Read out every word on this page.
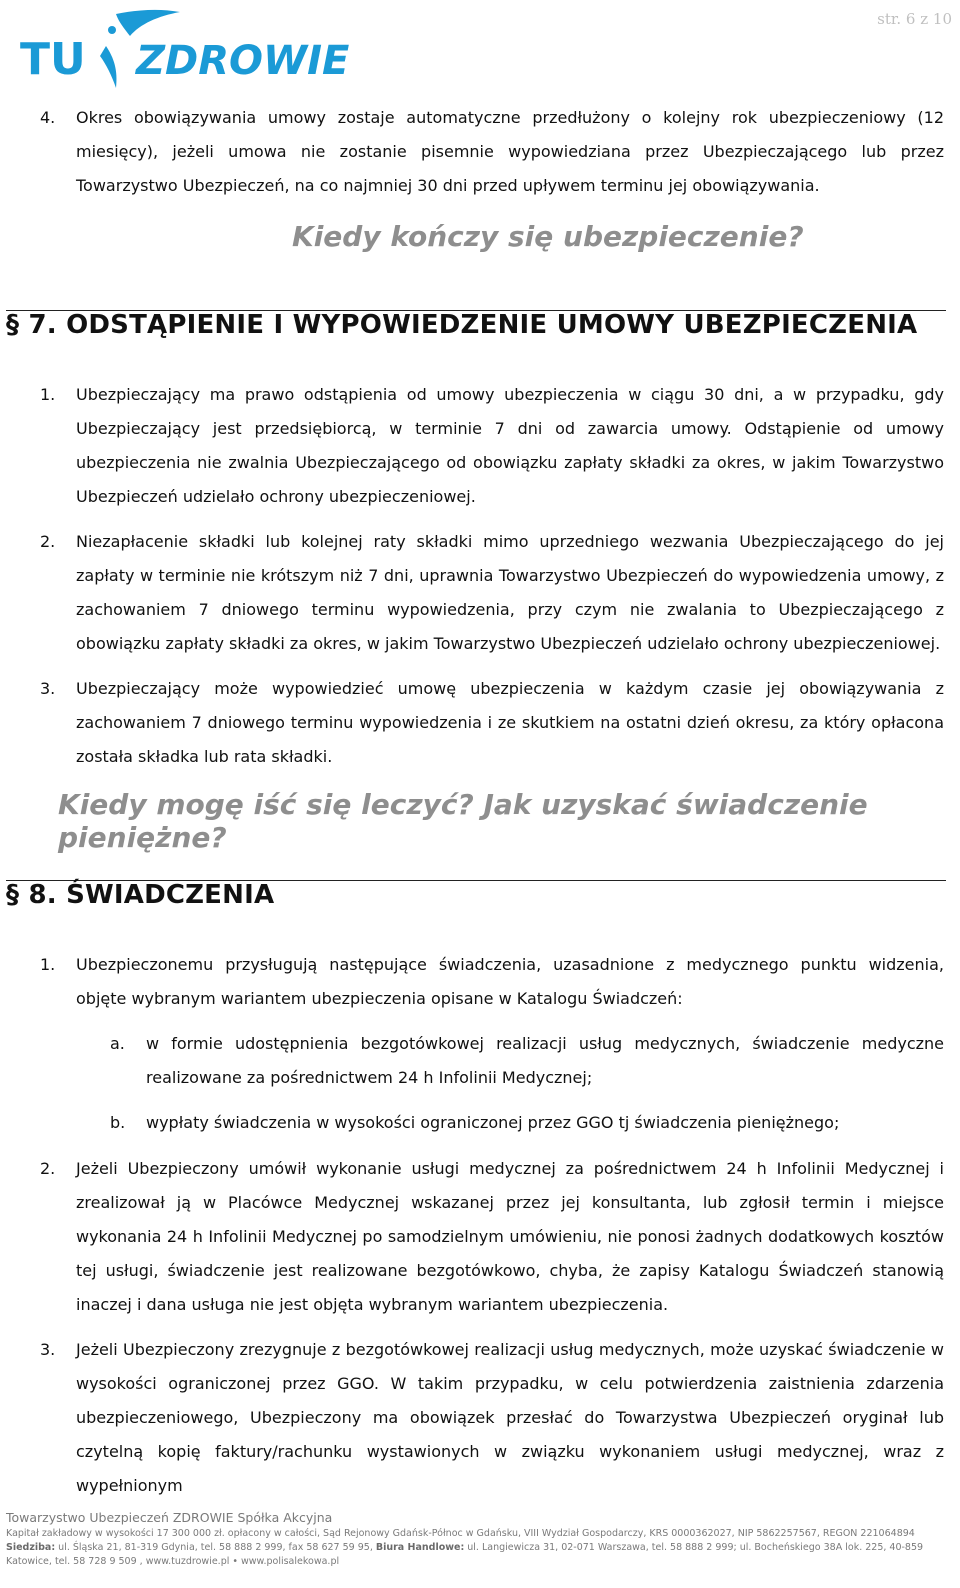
TU ZDROWIE
str. 6 z 10
4. Okres obowiązywania umowy zostaje automatyczne przedłużony o kolejny rok ubezpieczeniowy (12 miesięcy), jeżeli umowa nie zostanie pisemnie wypowiedziana przez Ubezpieczającego lub przez Towarzystwo Ubezpieczeń, na co najmniej 30 dni przed upływem terminu jej obowiązywania.
Kiedy kończy się ubezpieczenie?
§ 7. ODSTĄPIENIE I WYPOWIEDZENIE UMOWY UBEZPIECZENIA
1. Ubezpieczający ma prawo odstąpienia od umowy ubezpieczenia w ciągu 30 dni, a w przypadku, gdy Ubezpieczający jest przedsiębiorcą, w terminie 7 dni od zawarcia umowy. Odstąpienie od umowy ubezpieczenia nie zwalnia Ubezpieczającego od obowiązku zapłaty składki za okres, w jakim Towarzystwo Ubezpieczeń udzielało ochrony ubezpieczeniowej.
2. Niezapłacenie składki lub kolejnej raty składki mimo uprzedniego wezwania Ubezpieczającego do jej zapłaty w terminie nie krótszym niż 7 dni, uprawnia Towarzystwo Ubezpieczeń do wypowiedzenia umowy, z zachowaniem 7 dniowego terminu wypowiedzenia, przy czym nie zwalania to Ubezpieczającego z obowiązku zapłaty składki za okres, w jakim Towarzystwo Ubezpieczeń udzielało ochrony ubezpieczeniowej.
3. Ubezpieczający może wypowiedzieć umowę ubezpieczenia w każdym czasie jej obowiązywania z zachowaniem 7 dniowego terminu wypowiedzenia i ze skutkiem na ostatni dzień okresu, za który opłacona została składka lub rata składki.
Kiedy mogę iść się leczyć? Jak uzyskać świadczenie pieniężne?
§ 8. ŚWIADCZENIA
1. Ubezpieczonemu przysługują następujące świadczenia, uzasadnione z medycznego punktu widzenia, objęte wybranym wariantem ubezpieczenia opisane w Katalogu Świadczeń:
a. w formie udostępnienia bezgotówkowej realizacji usług medycznych, świadczenie medyczne realizowane za pośrednictwem 24 h Infolinii Medycznej;
b. wypłaty świadczenia w wysokości ograniczonej przez GGO tj świadczenia pieniężnego;
2. Jeżeli Ubezpieczony umówił wykonanie usługi medycznej za pośrednictwem 24 h Infolinii Medycznej i zrealizował ją w Placówce Medycznej wskazanej przez jej konsultanta, lub zgłosił termin i miejsce wykonania 24 h Infolinii Medycznej po samodzielnym umówieniu, nie ponosi żadnych dodatkowych kosztów tej usługi, świadczenie jest realizowane bezgotówkowo, chyba, że zapisy Katalogu Świadczeń stanowią inaczej i dana usługa nie jest objęta wybranym wariantem ubezpieczenia.
3. Jeżeli Ubezpieczony zrezygnuje z bezgotówkowej realizacji usług medycznych, może uzyskać świadczenie w wysokości ograniczonej przez GGO. W takim przypadku, w celu potwierdzenia zaistnienia zdarzenia ubezpieczeniowego, Ubezpieczony ma obowiązek przesłać do Towarzystwa Ubezpieczeń oryginał lub czytelną kopię faktury/rachunku wystawionych w związku wykonaniem usługi medycznej, wraz z wypełnionym
Towarzystwo Ubezpieczeń ZDROWIE Spółka Akcyjna
Kapitał zakładowy w wysokości 17 300 000 zł. opłacony w całości, Sąd Rejonowy Gdańsk-Północ w Gdańsku, VIII Wydział Gospodarczy, KRS 0000362027, NIP 5862257567, REGON 221064894
Siedziba: ul. Śląska 21, 81-319 Gdynia, tel. 58 888 2 999, fax 58 627 59 95, Biura Handlowe: ul. Langiewicza 31, 02-071 Warszawa, tel. 58 888 2 999; ul. Bocheńskiego 38A lok. 225, 40-859
Katowice, tel. 58 728 9 509 , www.tuzdrowie.pl • www.polisalekowa.pl
